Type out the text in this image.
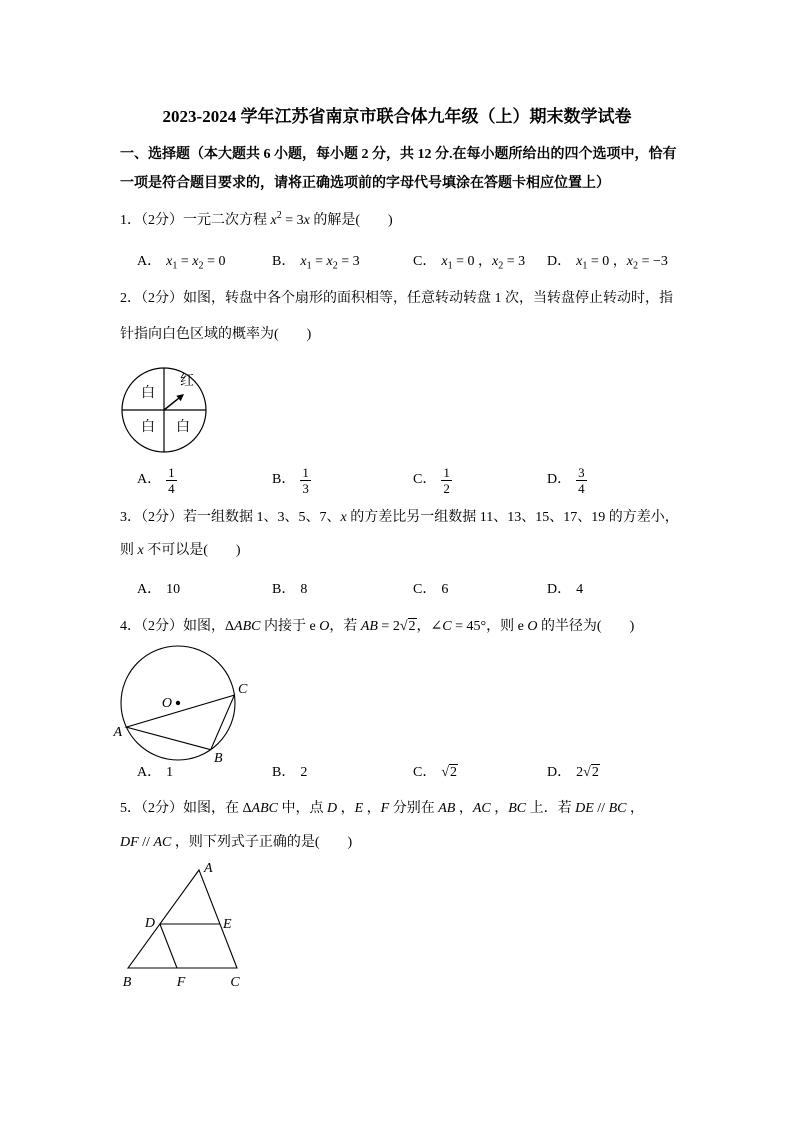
2023-2024 学年江苏省南京市联合体九年级（上）期末数学试卷
一、选择题（本大题共 6 小题，每小题 2 分，共 12 分.在每小题所给出的四个选项中，恰有
一项是符合题目要求的，请将正确选项前的字母代号填涂在答题卡相应位置上）
1．（2分）一元二次方程 $x^2 = 3x$ 的解是(　　)
A． $x_1 = x_2 = 0$	B． $x_1 = x_2 = 3$	C． $x_1 = 0$ ，$x_2 = 3$ D． $x_1 = 0$ ，$x_2 = -3$
2．（2分）如图，转盘中各个扇形的面积相等，任意转动转盘 1 次，当转盘停止转动时，指
针指向白色区域的概率为(　　)
白
红
白 白
A． $\frac{1}{4}$	B． $\frac{1}{3}$	C． $\frac{1}{2}$	D． $\frac{3}{4}$
3．（2分）若一组数据 1、3、5、7、x 的方差比另一组数据 11、13、15、17、19 的方差小，
则 x 不可以是(　　)
A． 10	B． 8	C． 6	D． 4
4．（2分）如图，ΔABC 内接于 e O，若 AB = 2√2，∠C = 45°，则 e O 的半径为(　　)
O
A
B
C
A． 1	B． 2	C． √2	D． 2√2
5．（2分）如图，在 ΔABC 中，点 D ，E ，F 分别在 AB ，AC ，BC 上．若 DE // BC ，
DF // AC ，则下列式子正确的是(　　)
A
B	C
D	E
F
